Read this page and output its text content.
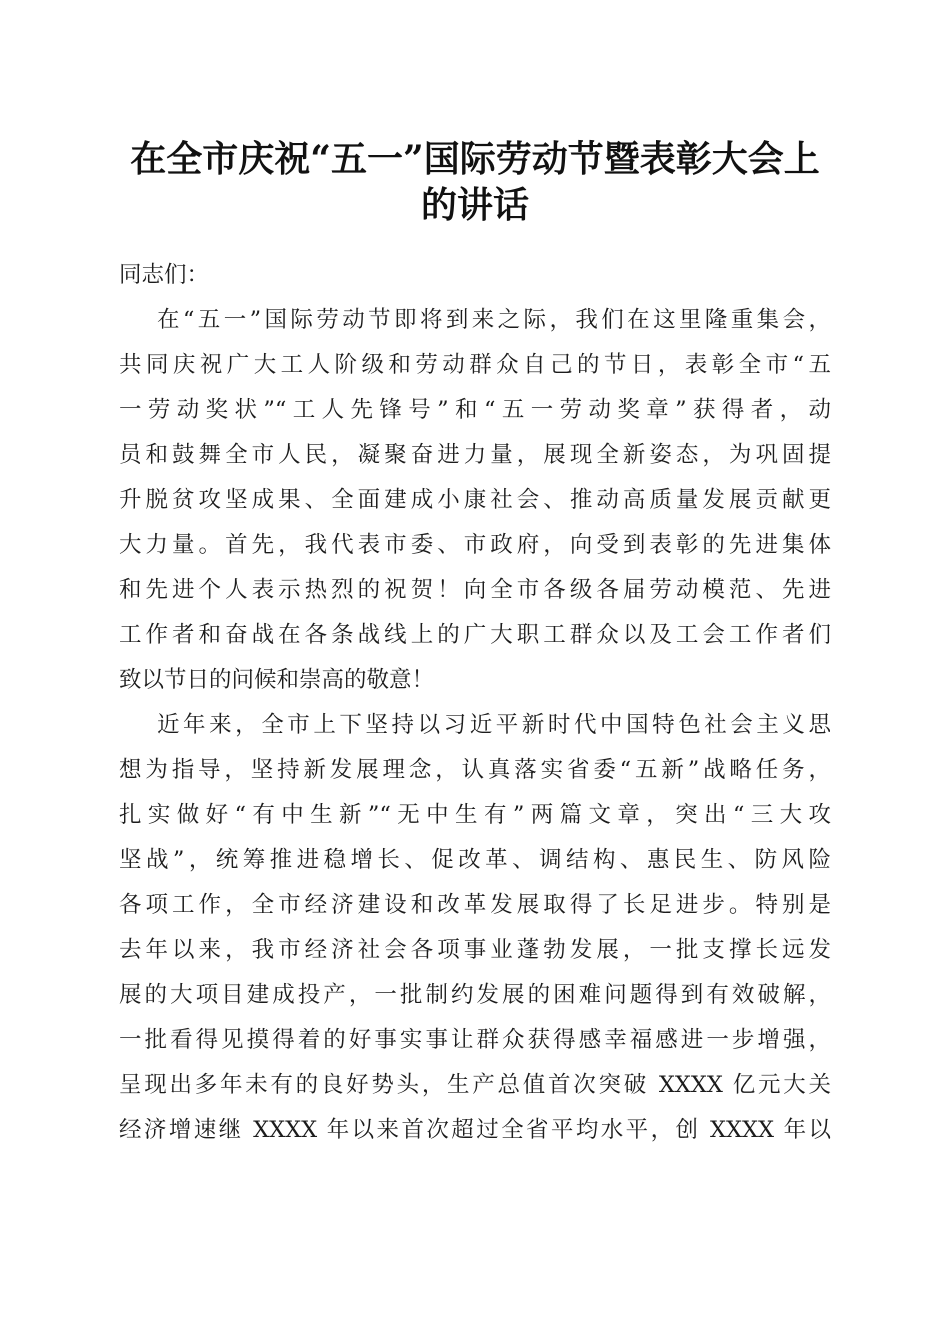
在全市庆祝“五一”国际劳动节暨表彰大会上
的讲话
同志们：
在“五一”国际劳动节即将到来之际，我们在这里隆重集会，
共同庆祝广大工人阶级和劳动群众自己的节日，表彰全市“五
一劳动奖状”“工人先锋号”和“五一劳动奖章”获得者，动
员和鼓舞全市人民，凝聚奋进力量，展现全新姿态，为巩固提
升脱贫攻坚成果、全面建成小康社会、推动高质量发展贡献更
大力量。首先，我代表市委、市政府，向受到表彰的先进集体
和先进个人表示热烈的祝贺！向全市各级各届劳动模范、先进
工作者和奋战在各条战线上的广大职工群众以及工会工作者们
致以节日的问候和崇高的敬意！
近年来，全市上下坚持以习近平新时代中国特色社会主义思
想为指导，坚持新发展理念，认真落实省委“五新”战略任务，
扎实做好“有中生新”“无中生有”两篇文章，突出“三大攻
坚战”，统筹推进稳增长、促改革、调结构、惠民生、防风险
各项工作，全市经济建设和改革发展取得了长足进步。特别是
去年以来，我市经济社会各项事业蓬勃发展，一批支撑长远发
展的大项目建成投产，一批制约发展的困难问题得到有效破解，
一批看得见摸得着的好事实事让群众获得感幸福感进一步增强，
呈现出多年未有的良好势头，生产总值首次突破 XXXX 亿元大关
经济增速继 XXXX 年以来首次超过全省平均水平，创 XXXX 年以
